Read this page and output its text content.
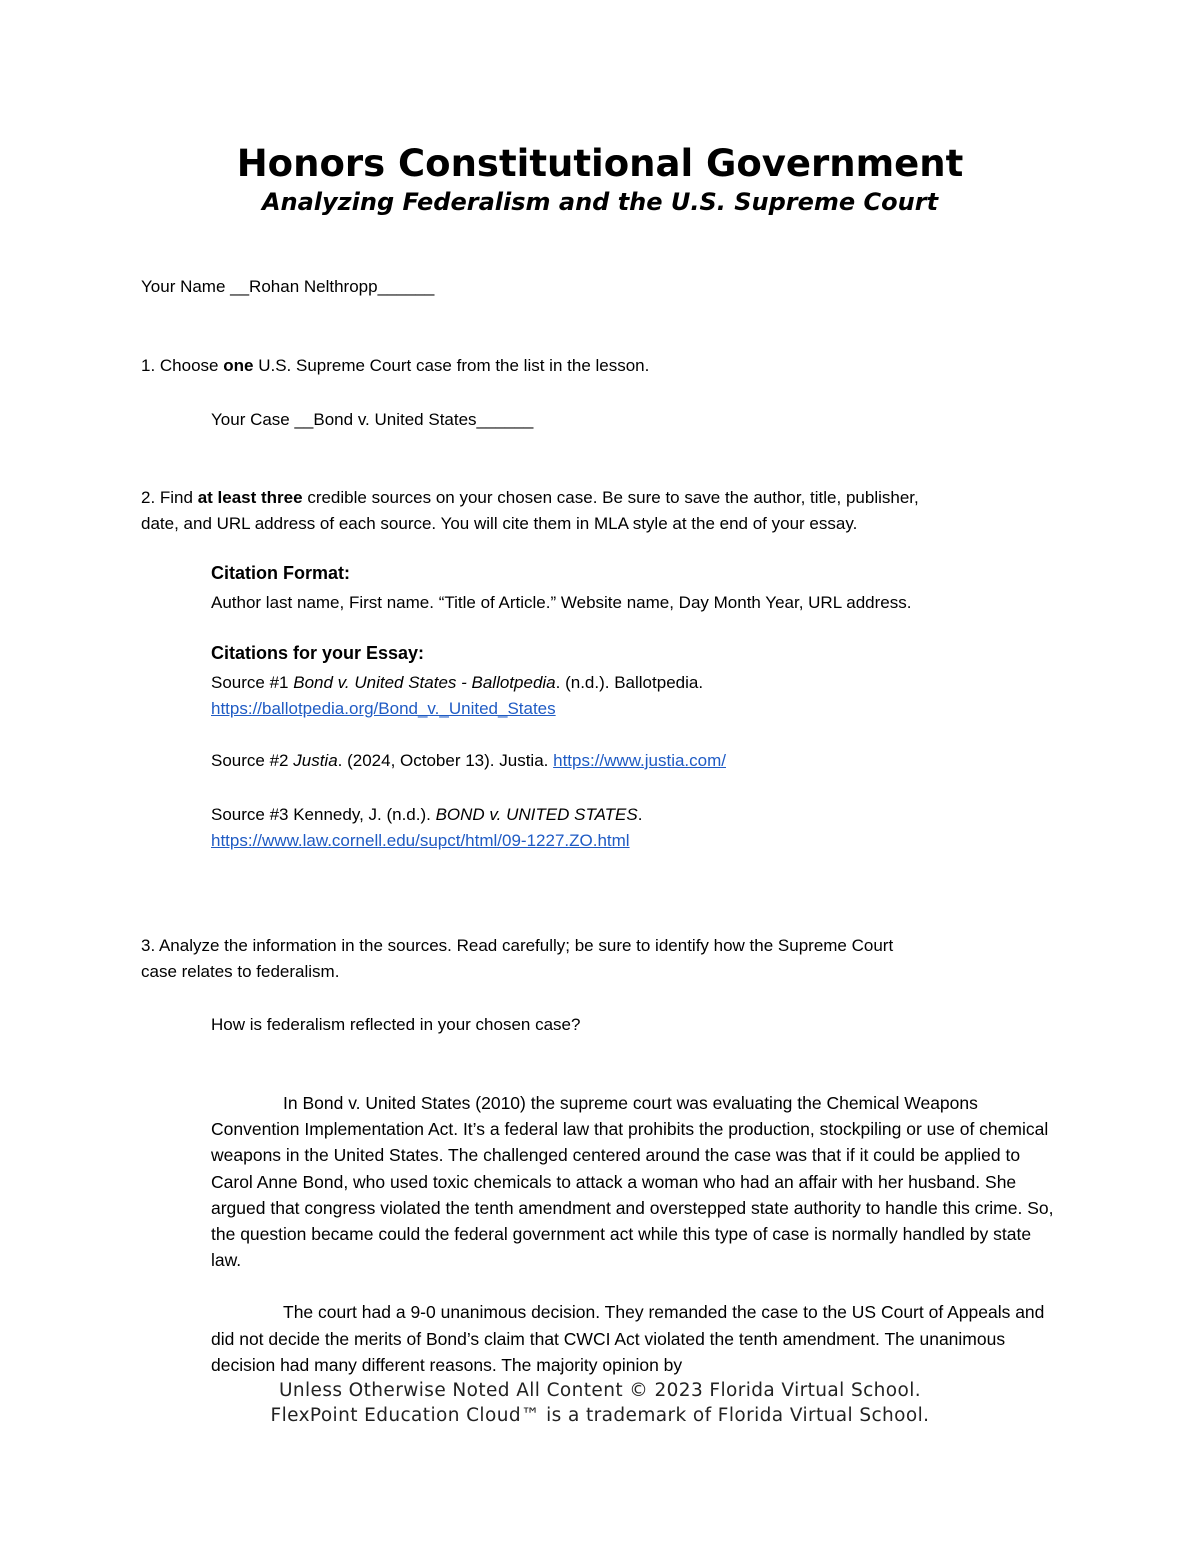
Honors Constitutional Government
Analyzing Federalism and the U.S. Supreme Court
Your Name __Rohan Nelthropp______
1. Choose one U.S. Supreme Court case from the list in the lesson.
Your Case __Bond v. United States______
2. Find at least three credible sources on your chosen case. Be sure to save the author, title, publisher,
date, and URL address of each source. You will cite them in MLA style at the end of your essay.
Citation Format:
Author last name, First name. “Title of Article.” Website name, Day Month Year, URL address.
Citations for your Essay:
Source #1 Bond v. United States - Ballotpedia. (n.d.). Ballotpedia.
https://ballotpedia.org/Bond_v._United_States
Source #2 Justia. (2024, October 13). Justia. https://www.justia.com/
Source #3 Kennedy, J. (n.d.). BOND v. UNITED STATES.
https://www.law.cornell.edu/supct/html/09-1227.ZO.html
3. Analyze the information in the sources. Read carefully; be sure to identify how the Supreme Court
case relates to federalism.
How is federalism reflected in your chosen case?

In Bond v. United States (2010) the supreme court was evaluating the Chemical Weapons Convention Implementation Act. It’s a federal law that prohibits the production, stockpiling or use of chemical weapons in the United States. The challenged centered around the case was that if it could be applied to Carol Anne Bond, who used toxic chemicals to attack a woman who had an affair with her husband. She argued that congress violated the tenth amendment and overstepped state authority to handle this crime. So, the question became could the federal government act while this type of case is normally handled by state law.

The court had a 9-0 unanimous decision. They remanded the case to the US Court of Appeals and did not decide the merits of Bond’s claim that CWCI Act violated the tenth amendment. The unanimous decision had many different reasons. The majority opinion by

Unless Otherwise Noted All Content © 2023 Florida Virtual School.
FlexPoint Education Cloud™ is a trademark of Florida Virtual School.
